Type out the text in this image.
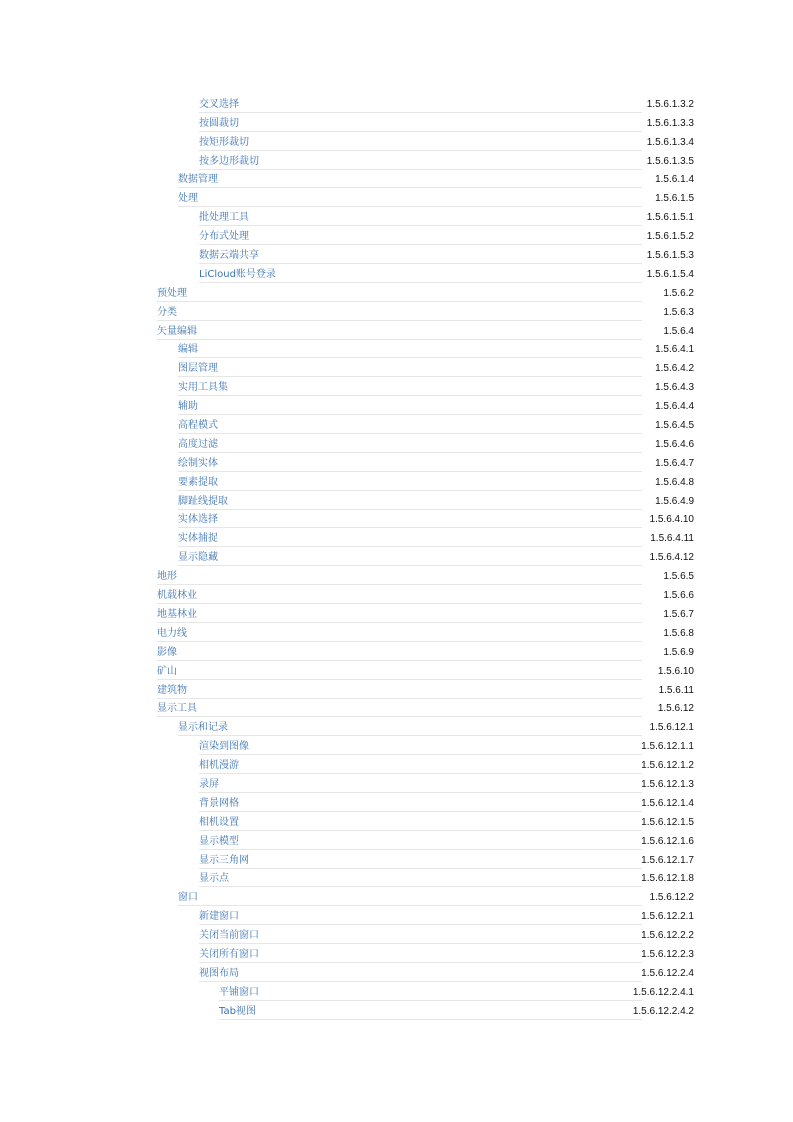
交叉选择	1.5.6.1.3.2
按圆裁切	1.5.6.1.3.3
按矩形裁切	1.5.6.1.3.4
按多边形裁切	1.5.6.1.3.5
数据管理	1.5.6.1.4
处理	1.5.6.1.5
批处理工具	1.5.6.1.5.1
分布式处理	1.5.6.1.5.2
数据云端共享	1.5.6.1.5.3
LiCloud账号登录	1.5.6.1.5.4
预处理	1.5.6.2
分类	1.5.6.3
矢量编辑	1.5.6.4
编辑	1.5.6.4.1
图层管理	1.5.6.4.2
实用工具集	1.5.6.4.3
辅助	1.5.6.4.4
高程模式	1.5.6.4.5
高度过滤	1.5.6.4.6
绘制实体	1.5.6.4.7
要素提取	1.5.6.4.8
脚趾线提取	1.5.6.4.9
实体选择	1.5.6.4.10
实体捕捉	1.5.6.4.11
显示隐藏	1.5.6.4.12
地形	1.5.6.5
机载林业	1.5.6.6
地基林业	1.5.6.7
电力线	1.5.6.8
影像	1.5.6.9
矿山	1.5.6.10
建筑物	1.5.6.11
显示工具	1.5.6.12
显示和记录	1.5.6.12.1
渲染到图像	1.5.6.12.1.1
相机漫游	1.5.6.12.1.2
录屏	1.5.6.12.1.3
背景网格	1.5.6.12.1.4
相机设置	1.5.6.12.1.5
显示模型	1.5.6.12.1.6
显示三角网	1.5.6.12.1.7
显示点	1.5.6.12.1.8
窗口	1.5.6.12.2
新建窗口	1.5.6.12.2.1
关闭当前窗口	1.5.6.12.2.2
关闭所有窗口	1.5.6.12.2.3
视图布局	1.5.6.12.2.4
平铺窗口	1.5.6.12.2.4.1
Tab视图	1.5.6.12.2.4.2
